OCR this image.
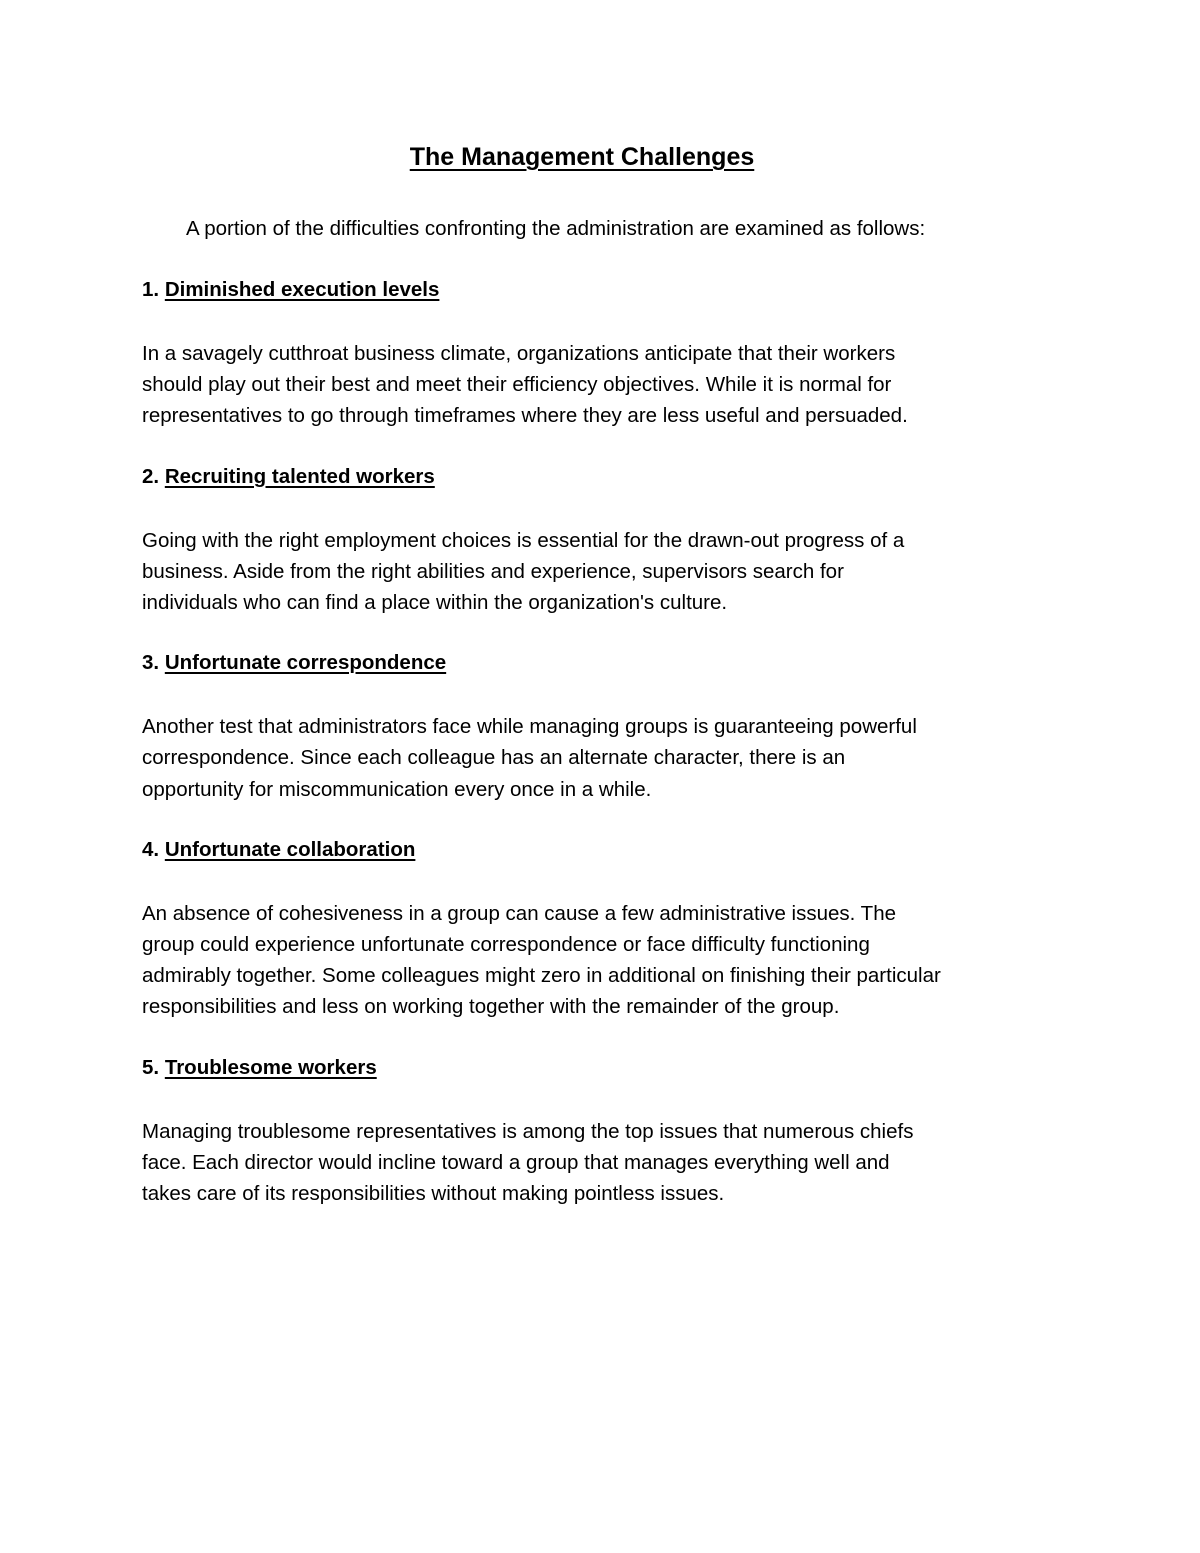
The Management Challenges

A portion of the difficulties confronting the administration are examined as follows:

1. Diminished execution levels

In a savagely cutthroat business climate, organizations anticipate that their workers
should play out their best and meet their efficiency objectives. While it is normal for
representatives to go through timeframes where they are less useful and persuaded.

2. Recruiting talented workers

Going with the right employment choices is essential for the drawn-out progress of a
business. Aside from the right abilities and experience, supervisors search for
individuals who can find a place within the organization's culture.

3. Unfortunate correspondence

Another test that administrators face while managing groups is guaranteeing powerful
correspondence. Since each colleague has an alternate character, there is an
opportunity for miscommunication every once in a while.

4. Unfortunate collaboration

An absence of cohesiveness in a group can cause a few administrative issues. The
group could experience unfortunate correspondence or face difficulty functioning
admirably together. Some colleagues might zero in additional on finishing their particular
responsibilities and less on working together with the remainder of the group.

5. Troublesome workers

Managing troublesome representatives is among the top issues that numerous chiefs
face. Each director would incline toward a group that manages everything well and
takes care of its responsibilities without making pointless issues.
